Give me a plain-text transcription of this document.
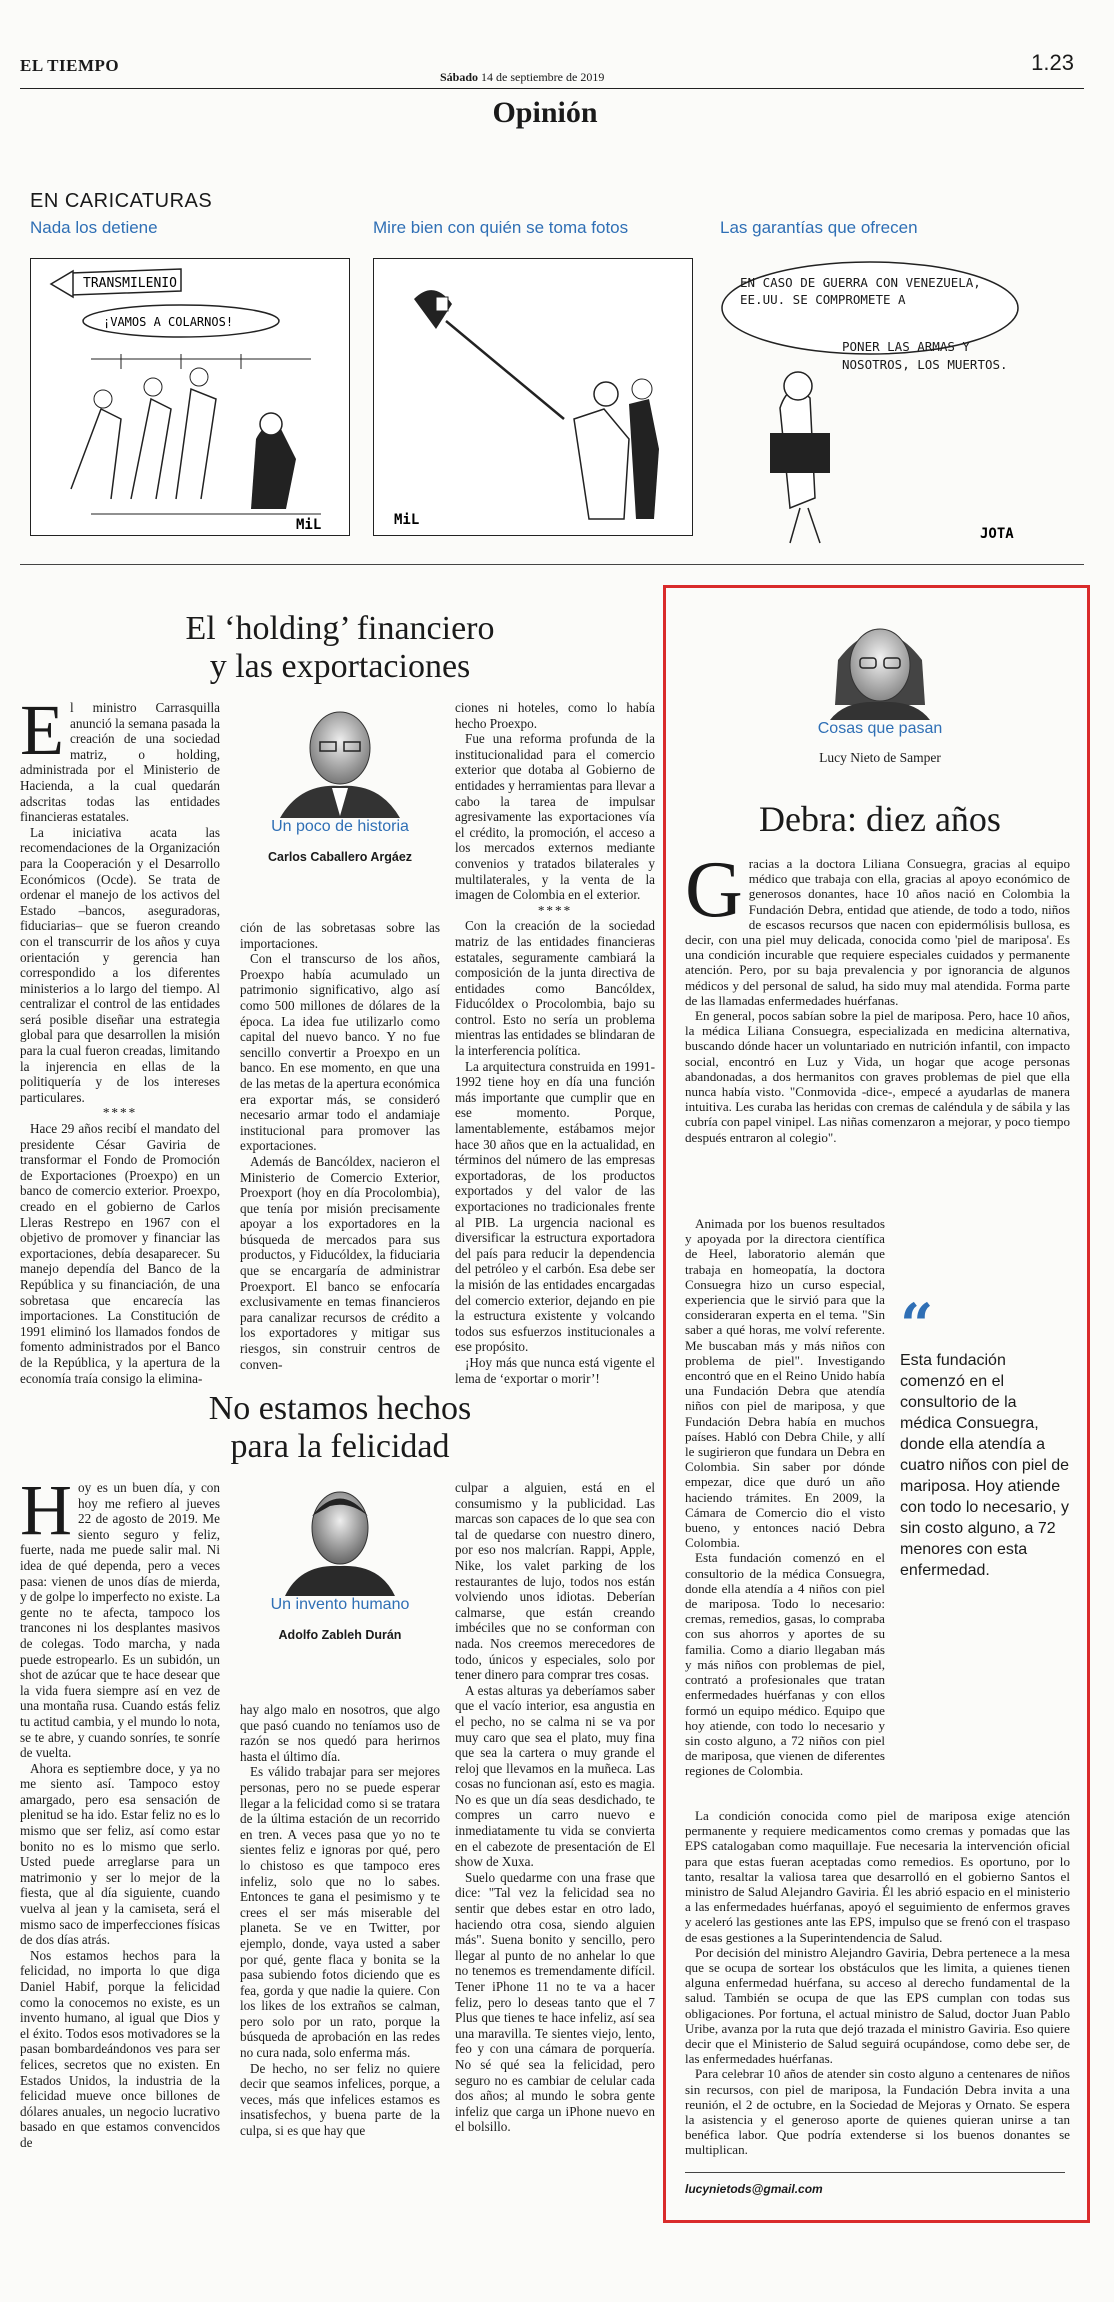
EL TIEMPO	1.23
Sábado 14 de septiembre de 2019
Opinión
EN CARICATURAS
Nada los detiene	Mire bien con quién se toma fotos	Las garantías que ofrecen
TRANSMILENIO
¡VAMOS A COLARNOS!
MiL	MiL
EN CASO DE GUERRA CON VENEZUELA, EE.UU. SE COMPROMETE A
PONER LAS ARMAS Y NOSOTROS, LOS MUERTOS.
JOTA
El ‘holding’ financiero
y las exportaciones

El ministro Carrasquilla anunció la semana pasada la creación de una sociedad matriz, o holding, administrada por el Ministerio de Hacienda, a la cual quedarán adscritas todas las entidades financieras estatales.

La iniciativa acata las recomendaciones de la Organización para la Cooperación y el Desarrollo Económicos (Ocde). Se trata de ordenar el manejo de los activos del Estado –bancos, aseguradoras, fiduciarias– que se fueron creando con el transcurrir de los años y cuya orientación y gerencia han correspondido a los diferentes ministerios a lo largo del tiempo. Al centralizar el control de las entidades será posible diseñar una estrategia global para que desarrollen la misión para la cual fueron creadas, limitando la injerencia en ellas de la politiquería y de los intereses particulares.

****

Hace 29 años recibí el mandato del presidente César Gaviria de transformar el Fondo de Promoción de Exportaciones (Proexpo) en un banco de comercio exterior. Proexpo, creado en el gobierno de Carlos Lleras Restrepo en 1967 con el objetivo de promover y financiar las exportaciones, debía desaparecer. Su manejo dependía del Banco de la República y su financiación, de una sobretasa que encarecía las importaciones. La Constitución de 1991 eliminó los llamados fondos de fomento administrados por el Banco de la República, y la apertura de la economía traía consigo la elimina-

Un poco de historia
Carlos Caballero Argáez

ción de las sobretasas sobre las importaciones.

Con el transcurso de los años, Proexpo había acumulado un patrimonio significativo, algo así como 500 millones de dólares de la época. La idea fue utilizarlo como capital del nuevo banco. Y no fue sencillo convertir a Proexpo en un banco. En ese momento, en que una de las metas de la apertura económica era exportar más, se consideró necesario armar todo el andamiaje institucional para promover las exportaciones.

Además de Bancóldex, nacieron el Ministerio de Comercio Exterior, Proexport (hoy en día Procolombia), que tenía por misión precisamente apoyar a los exportadores en la búsqueda de mercados para sus productos, y Fiducóldex, la fiduciaria que se encargaría de administrar Proexport. El banco se enfocaría exclusivamente en temas financieros para canalizar recursos de crédito a los exportadores y mitigar sus riesgos, sin construir centros de conven-

ciones ni hoteles, como lo había hecho Proexpo.

Fue una reforma profunda de la institucionalidad para el comercio exterior que dotaba al Gobierno de entidades y herramientas para llevar a cabo la tarea de impulsar agresivamente las exportaciones vía el crédito, la promoción, el acceso a los mercados externos mediante convenios y tratados bilaterales y multilaterales, y la venta de la imagen de Colombia en el exterior.

****

Con la creación de la sociedad matriz de las entidades financieras estatales, seguramente cambiará la composición de la junta directiva de entidades como Bancóldex, Fiducóldex o Procolombia, bajo su control. Esto no sería un problema mientras las entidades se blindaran de la interferencia política.

La arquitectura construida en 1991-1992 tiene hoy en día una función más importante que cumplir que en ese momento. Porque, lamentablemente, estábamos mejor hace 30 años que en la actualidad, en términos del número de las empresas exportadoras, de los productos exportados y del valor de las exportaciones no tradicionales frente al PIB. La urgencia nacional es diversificar la estructura exportadora del país para reducir la dependencia del petróleo y el carbón. Esa debe ser la misión de las entidades encargadas del comercio exterior, dejando en pie la estructura existente y volcando todos sus esfuerzos institucionales a ese propósito.

¡Hoy más que nunca está vigente el lema de ‘exportar o morir’!

No estamos hechos
para la felicidad

Hoy es un buen día, y con hoy me refiero al jueves 22 de agosto de 2019. Me siento seguro y feliz, fuerte, nada me puede salir mal. Ni idea de qué dependa, pero a veces pasa: vienen de unos días de mierda, y de golpe lo imperfecto no existe. La gente no te afecta, tampoco los trancones ni los desplantes masivos de colegas. Todo marcha, y nada puede estropearlo. Es un subidón, un shot de azúcar que te hace desear que la vida fuera siempre así en vez de una montaña rusa. Cuando estás feliz tu actitud cambia, y el mundo lo nota, se te abre, y cuando sonríes, te sonríe de vuelta.

Ahora es septiembre doce, y ya no me siento así. Tampoco estoy amargado, pero esa sensación de plenitud se ha ido. Estar feliz no es lo mismo que ser feliz, así como estar bonito no es lo mismo que serlo. Usted puede arreglarse para un matrimonio y ser lo mejor de la fiesta, que al día siguiente, cuando vuelva al jean y la camiseta, será el mismo saco de imperfecciones físicas de dos días atrás.

Nos estamos hechos para la felicidad, no importa lo que diga Daniel Habif, porque la felicidad como la conocemos no existe, es un invento humano, al igual que Dios y el éxito. Todos esos motivadores se la pasan bombardeándonos ves para ser felices, secretos que no existen. En Estados Unidos, la industria de la felicidad mueve once billones de dólares anuales, un negocio lucrativo basado en que estamos convencidos de

Un invento humano
Adolfo Zableh Durán

hay algo malo en nosotros, que algo que pasó cuando no teníamos uso de razón se nos quedó para herirnos hasta el último día.

Es válido trabajar para ser mejores personas, pero no se puede esperar llegar a la felicidad como si se tratara de la última estación de un recorrido en tren. A veces pasa que yo no te sientes feliz e ignoras por qué, pero lo chistoso es que tampoco eres infeliz, solo que no lo sabes. Entonces te gana el pesimismo y te crees el ser más miserable del planeta. Se ve en Twitter, por ejemplo, donde, vaya usted a saber por qué, gente flaca y bonita se la pasa subiendo fotos diciendo que es fea, gorda y que nadie la quiere. Con los likes de los extraños se calman, pero solo por un rato, porque la búsqueda de aprobación en las redes no cura nada, solo enferma más.

De hecho, no ser feliz no quiere decir que seamos infelices, porque, a veces, más que infelices estamos es insatisfechos, y buena parte de la culpa, si es que hay que

culpar a alguien, está en el consumismo y la publicidad. Las marcas son capaces de lo que sea con tal de quedarse con nuestro dinero, por eso nos malcrían. Rappi, Apple, Nike, los valet parking de los restaurantes de lujo, todos nos están volviendo unos idiotas. Deberían calmarse, que están creando imbéciles que no se conforman con nada. Nos creemos merecedores de todo, únicos y especiales, solo por tener dinero para comprar tres cosas.

A estas alturas ya deberíamos saber que el vacío interior, esa angustia en el pecho, no se calma ni se va por muy caro que sea el plato, muy fina que sea la cartera o muy grande el reloj que llevamos en la muñeca. Las cosas no funcionan así, esto es magia. No es que un día seas desdichado, te compres un carro nuevo e inmediatamente tu vida se convierta en el cabezote de presentación de El show de Xuxa.

Suelo quedarme con una frase que dice: "Tal vez la felicidad sea no sentir que debes estar en otro lado, haciendo otra cosa, siendo alguien más". Suena bonito y sencillo, pero llegar al punto de no anhelar lo que no tenemos es tremendamente difícil. Tener iPhone 11 no te va a hacer feliz, pero lo deseas tanto que el 7 Plus que tienes te hace infeliz, así sea una maravilla. Te sientes viejo, lento, feo y con una cámara de porquería. No sé qué sea la felicidad, pero seguro no es cambiar de celular cada dos años; al mundo le sobra gente infeliz que carga un iPhone nuevo en el bolsillo.

Cosas que pasan
Lucy Nieto de Samper
Debra: diez años

Gracias a la doctora Liliana Consuegra, gracias al equipo médico que trabaja con ella, gracias al apoyo económico de generosos donantes, hace 10 años nació en Colombia la Fundación Debra, entidad que atiende, de todo a todo, niños de escasos recursos que nacen con epidermólisis bullosa, es decir, con una piel muy delicada, conocida como 'piel de mariposa'. Es una condición incurable que requiere especiales cuidados y permanente atención. Pero, por su baja prevalencia y por ignorancia de algunos médicos y del personal de salud, ha sido muy mal atendida. Forma parte de las llamadas enfermedades huérfanas.

En general, pocos sabían sobre la piel de mariposa. Pero, hace 10 años, la médica Liliana Consuegra, especializada en medicina alternativa, buscando dónde hacer un voluntariado en nutrición infantil, con impacto social, encontró en Luz y Vida, un hogar que acoge personas abandonadas, a dos hermanitos con graves problemas de piel que ella nunca había visto. "Conmovida -dice-, empecé a ayudarlas de manera intuitiva. Les curaba las heridas con cremas de caléndula y de sábila y las cubría con papel vinipel. Las niñas comenzaron a mejorar, y poco tiempo después entraron al colegio".

Animada por los buenos resultados y apoyada por la directora científica de Heel, laboratorio alemán que trabaja en homeopatía, la doctora Consuegra hizo un curso especial, experiencia que le sirvió para que la consideraran experta en el tema. "Sin saber a qué horas, me volví referente. Me buscaban más y más niños con problema de piel". Investigando encontró que en el Reino Unido había una Fundación Debra que atendía niños con piel de mariposa, y que Fundación Debra había en muchos países. Habló con Debra Chile, y allí le sugirieron que fundara un Debra en Colombia. Sin saber por dónde empezar, dice que duró un año haciendo trámites. En 2009, la Cámara de Comercio dio el visto bueno, y entonces nació Debra Colombia.

Esta fundación comenzó en el consultorio de la médica Consuegra, donde ella atendía a 4 niños con piel de mariposa. Todo lo necesario: cremas, remedios, gasas, lo compraba con sus ahorros y aportes de su familia. Como a diario llegaban más y más niños con problemas de piel, contrató a profesionales que tratan enfermedades huérfanas y con ellos formó un equipo médico. Equipo que hoy atiende, con todo lo necesario y sin costo alguno, a 72 niños con piel de mariposa, que vienen de diferentes regiones de Colombia.

“
Esta fundación comenzó en el consultorio de la médica Consuegra, donde ella atendía a cuatro niños con piel de mariposa. Hoy atiende con todo lo necesario, y sin costo alguno, a 72 menores con esta enfermedad.

La condición conocida como piel de mariposa exige atención permanente y requiere medicamentos como cremas y pomadas que las EPS catalogaban como maquillaje. Fue necesaria la intervención oficial para que estas fueran aceptadas como remedios. Es oportuno, por lo tanto, resaltar la valiosa tarea que desarrolló en el gobierno Santos el ministro de Salud Alejandro Gaviria. Él les abrió espacio en el ministerio a las enfermedades huérfanas, apoyó el seguimiento de enfermos graves y aceleró las gestiones ante las EPS, impulso que se frenó con el traspaso de esas gestiones a la Superintendencia de Salud.

Por decisión del ministro Alejandro Gaviria, Debra pertenece a la mesa que se ocupa de sortear los obstáculos que les limita, a quienes tienen alguna enfermedad huérfana, su acceso al derecho fundamental de la salud. También se ocupa de que las EPS cumplan con todas sus obligaciones. Por fortuna, el actual ministro de Salud, doctor Juan Pablo Uribe, avanza por la ruta que dejó trazada el ministro Gaviria. Eso quiere decir que el Ministerio de Salud seguirá ocupándose, como debe ser, de las enfermedades huérfanas.

Para celebrar 10 años de atender sin costo alguno a centenares de niños sin recursos, con piel de mariposa, la Fundación Debra invita a una reunión, el 2 de octubre, en la Sociedad de Mejoras y Ornato. Se espera la asistencia y el generoso aporte de quienes quieran unirse a tan benéfica labor. Que podría extenderse si los buenos donantes se multiplican.

lucynietods@gmail.com
